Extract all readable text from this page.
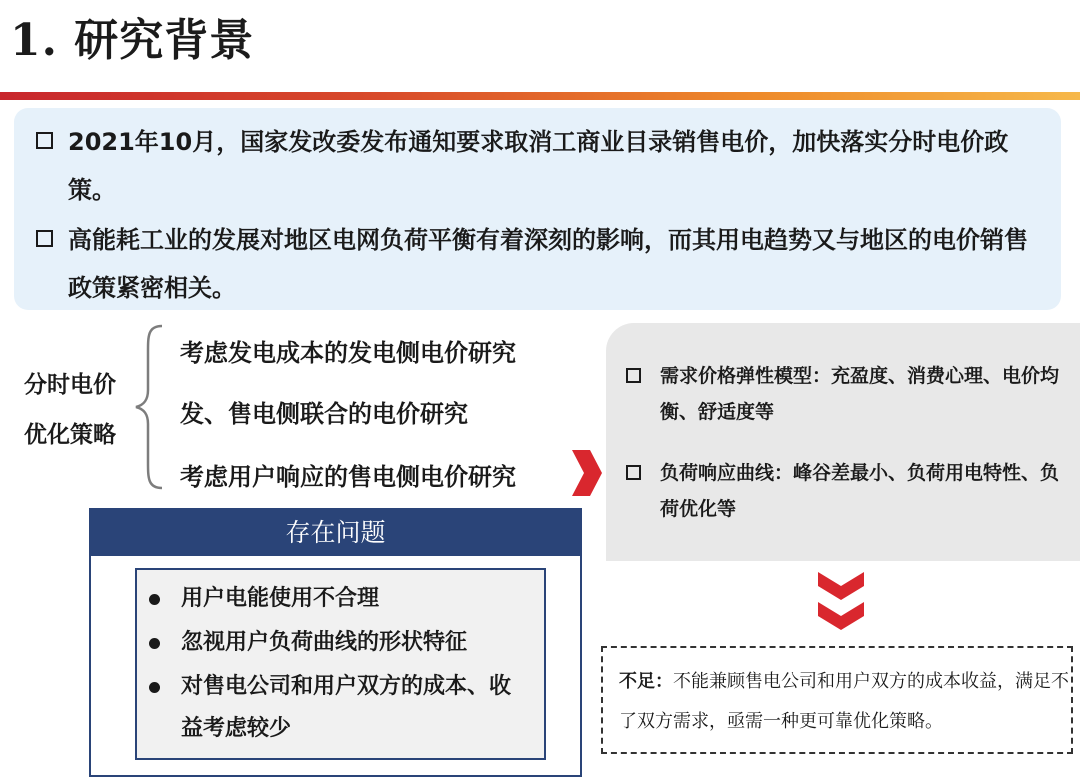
1. 研究背景
2021年10月，国家发改委发布通知要求取消工商业目录销售电价，加快落实分时电价政策。
高能耗工业的发展对地区电网负荷平衡有着深刻的影响，而其用电趋势又与地区的电价销售政策紧密相关。
分时电价
优化策略
考虑发电成本的发电侧电价研究
发、售电侧联合的电价研究
考虑用户响应的售电侧电价研究
需求价格弹性模型：充盈度、消费心理、电价均衡、舒适度等
负荷响应曲线：峰谷差最小、负荷用电特性、负荷优化等
存在问题
用户电能使用不合理
忽视用户负荷曲线的形状特征
对售电公司和用户双方的成本、收益考虑较少
不足：不能兼顾售电公司和用户双方的成本收益，满足不了双方需求，亟需一种更可靠优化策略。
